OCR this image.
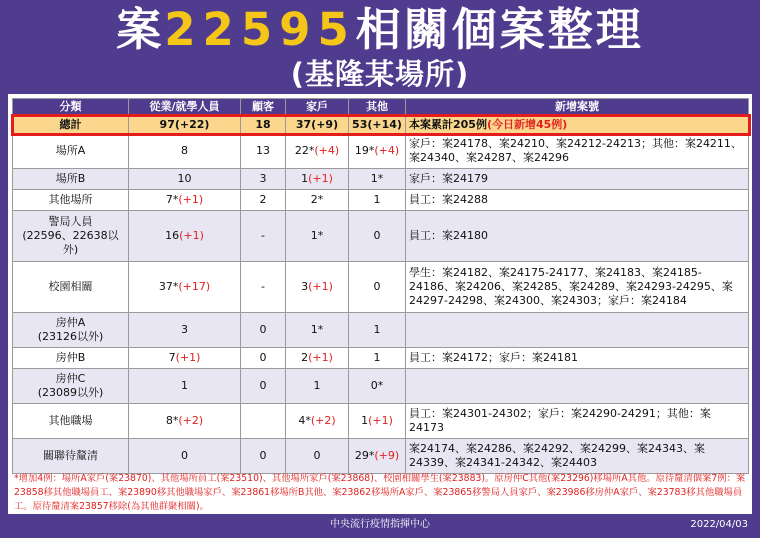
案22595相關個案整理
(基隆某場所)
分類	從業/就學人員	顧客	家戶	其他	新增案號
總計	97(+22)	18	37(+9)	53(+14)	本案累計205例(今日新增45例)
場所A	8	13	22*(+4)	19*(+4)	家戶：案24178、案24210、案24212-24213；其他：案24211、案24340、案24287、案24296
場所B	10	3	1(+1)	1*	家戶：案24179
其他場所	7*(+1)	2	2*	1	員工：案24288
警局人員
(22596、22638以外)	16(+1)	-	1*	0	員工：案24180
校園相關	37*(+17)	-	3(+1)	0	學生：案24182、案24175-24177、案24183、案24185-24186、案24206、案24285、案24289、案24293-24295、案24297-24298、案24300、案24303；家戶：案24184
房仲A
(23126以外)	3	0	1*	1	
房仲B	7(+1)	0	2(+1)	1	員工：案24172；家戶：案24181
房仲C
(23089以外)	1	0	1	0*	
其他職場	8*(+2)		4*(+2)	1(+1)	員工：案24301-24302；家戶：案24290-24291；其他：案24173
關聯待釐清	0	0	0	29*(+9)	案24174、案24286、案24292、案24299、案24343、案24339、案24341-24342、案24403
*增加4例：場所A家戶(案23870)、其他場所員工(案23510)、其他場所家戶(案23868)、校園相關學生(案23883)。原房仲C其他(案23296)移場所A其他。原待釐清個案7例：案23858移其他職場員工、案23890移其他職場家戶、案23861移場所B其他、案23862移場所A家戶、案23865移警局人員家戶、案23986移房仲A家戶、案23783移其他職場員工。原待釐清案23857移除(為其他群聚相關)。
中央流行疫情指揮中心	2022/04/03
